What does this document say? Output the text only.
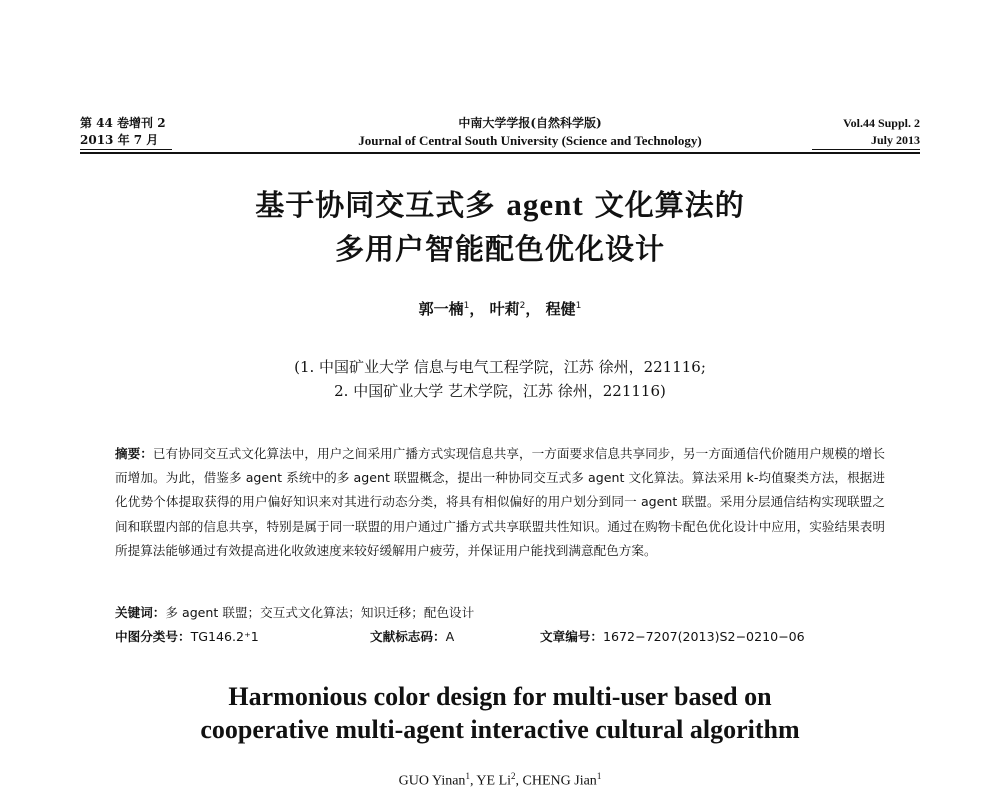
第 44 卷增刊 2
2013 年 7 月
中南大学学报(自然科学版)
Journal of Central South University (Science and Technology)
Vol.44 Suppl. 2
July 2013
基于协同交互式多 agent 文化算法的
多用户智能配色优化设计
郭一楠$^1$， 叶莉$^2$， 程健$^1$
(1. 中国矿业大学 信息与电气工程学院，江苏 徐州，221116;
2. 中国矿业大学 艺术学院，江苏 徐州，221116)
摘要：已有协同交互式文化算法中，用户之间采用广播方式实现信息共享，一方面要求信息共享同步，另一方面通信代价随用户规模的增长而增加。为此，借鉴多 agent 系统中的多 agent 联盟概念，提出一种协同交互式多 agent 文化算法。算法采用 k-均值聚类方法，根据进化优势个体提取获得的用户偏好知识来对其进行动态分类，将具有相似偏好的用户划分到同一 agent 联盟。采用分层通信结构实现联盟之间和联盟内部的信息共享，特别是属于同一联盟的用户通过广播方式共享联盟共性知识。通过在购物卡配色优化设计中应用，实验结果表明所提算法能够通过有效提高进化收敛速度来较好缓解用户疲劳，并保证用户能找到满意配色方案。
关键词：多 agent 联盟；交互式文化算法；知识迁移；配色设计
中图分类号：TG146.2⁺1	文献标志码：A	文章编号：1672−7207(2013)S2−0210−06
Harmonious color design for multi-user based on
cooperative multi-agent interactive cultural algorithm
GUO Yinan$^1$, YE Li$^2$, CHENG Jian$^1$
